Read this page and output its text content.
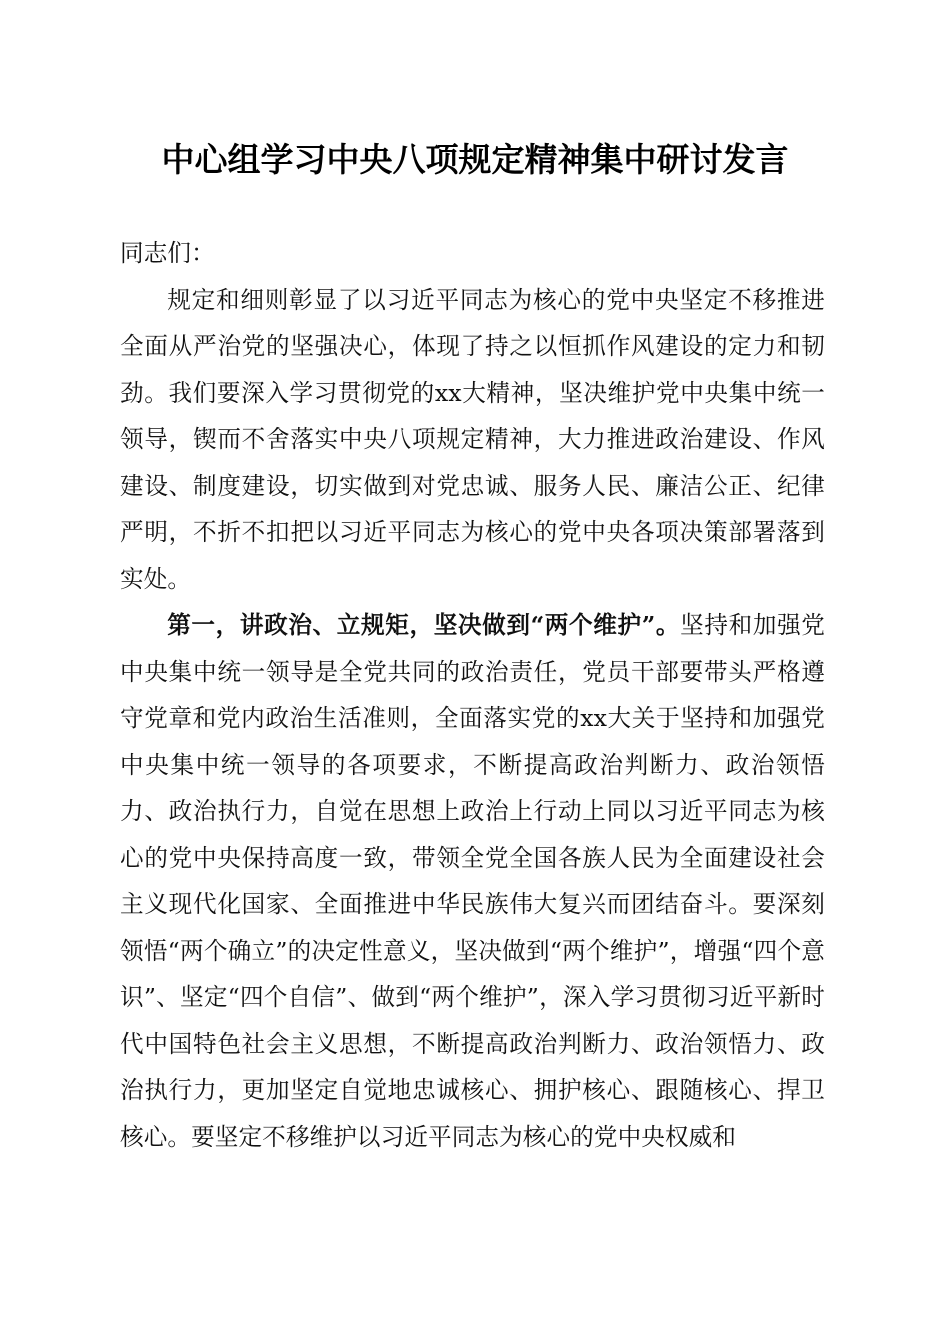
中心组学习中央八项规定精神集中研讨发言

同志们：

规定和细则彰显了以习近平同志为核心的党中央坚定不移推进全面从严治党的坚强决心，体现了持之以恒抓作风建设的定力和韧劲。我们要深入学习贯彻党的xx大精神，坚决维护党中央集中统一领导，锲而不舍落实中央八项规定精神，大力推进政治建设、作风建设、制度建设，切实做到对党忠诚、服务人民、廉洁公正、纪律严明，不折不扣把以习近平同志为核心的党中央各项决策部署落到实处。

第一，讲政治、立规矩，坚决做到“两个维护”。坚持和加强党中央集中统一领导是全党共同的政治责任，党员干部要带头严格遵守党章和党内政治生活准则，全面落实党的xx大关于坚持和加强党中央集中统一领导的各项要求，不断提高政治判断力、政治领悟力、政治执行力，自觉在思想上政治上行动上同以习近平同志为核心的党中央保持高度一致，带领全党全国各族人民为全面建设社会主义现代化国家、全面推进中华民族伟大复兴而团结奋斗。要深刻领悟“两个确立”的决定性意义，坚决做到“两个维护”，增强“四个意识”、坚定“四个自信”、做到“两个维护”，深入学习贯彻习近平新时代中国特色社会主义思想，不断提高政治判断力、政治领悟力、政治执行力，更加坚定自觉地忠诚核心、拥护核心、跟随核心、捍卫核心。要坚定不移维护以习近平同志为核心的党中央权威和
